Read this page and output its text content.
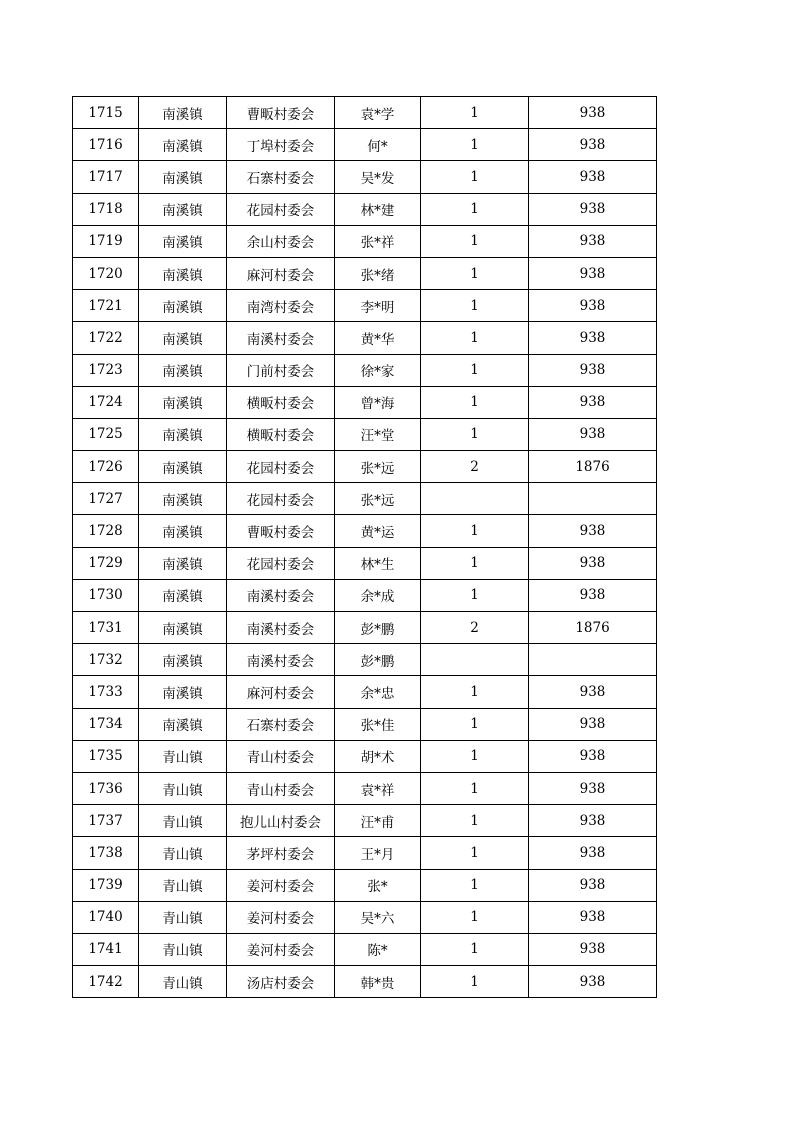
1715	南溪镇	曹畈村委会	袁*学	1	938
1716	南溪镇	丁埠村委会	何*	1	938
1717	南溪镇	石寨村委会	吴*发	1	938
1718	南溪镇	花园村委会	林*建	1	938
1719	南溪镇	余山村委会	张*祥	1	938
1720	南溪镇	麻河村委会	张*绪	1	938
1721	南溪镇	南湾村委会	李*明	1	938
1722	南溪镇	南溪村委会	黄*华	1	938
1723	南溪镇	门前村委会	徐*家	1	938
1724	南溪镇	横畈村委会	曾*海	1	938
1725	南溪镇	横畈村委会	汪*堂	1	938
1726	南溪镇	花园村委会	张*远	2	1876
1727	南溪镇	花园村委会	张*远		
1728	南溪镇	曹畈村委会	黄*运	1	938
1729	南溪镇	花园村委会	林*生	1	938
1730	南溪镇	南溪村委会	余*成	1	938
1731	南溪镇	南溪村委会	彭*鹏	2	1876
1732	南溪镇	南溪村委会	彭*鹏		
1733	南溪镇	麻河村委会	余*忠	1	938
1734	南溪镇	石寨村委会	张*佳	1	938
1735	青山镇	青山村委会	胡*术	1	938
1736	青山镇	青山村委会	袁*祥	1	938
1737	青山镇	抱儿山村委会	汪*甫	1	938
1738	青山镇	茅坪村委会	王*月	1	938
1739	青山镇	姜河村委会	张*	1	938
1740	青山镇	姜河村委会	吴*六	1	938
1741	青山镇	姜河村委会	陈*	1	938
1742	青山镇	汤店村委会	韩*贵	1	938
